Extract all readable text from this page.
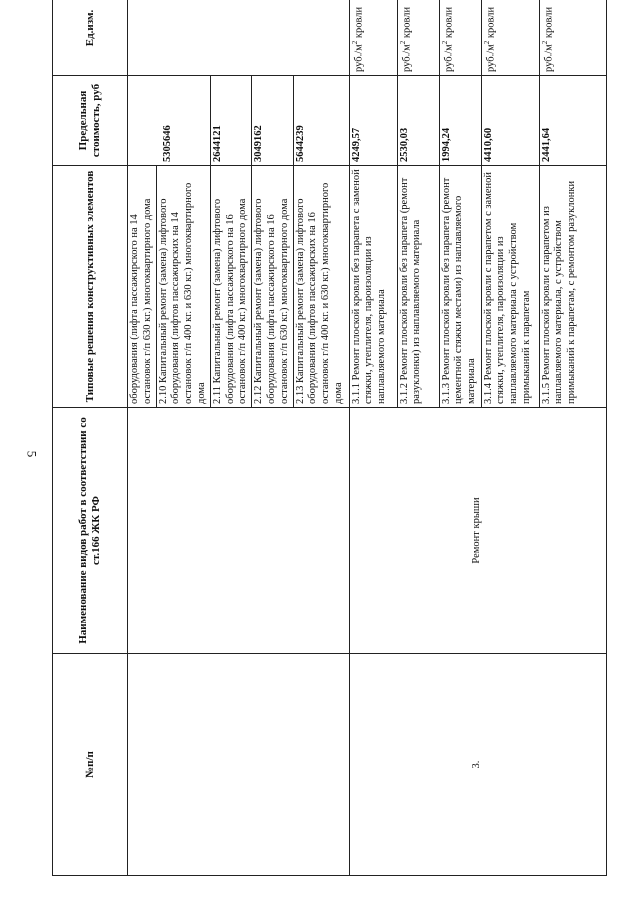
5
№п/п	Наименование видов работ в соответствии со ст.166 ЖК РФ	Типовые решения конструктивных элементов	Предельная стоимость, руб	Ед.изм.
		оборудования (лифта пассажирского на 14 остановок г/п 630 кг.) многоквартирного дома	5305646	
		2.10 Капитальный ремонт (замена) лифтового оборудования (лифтов пассажирских на 14 остановок г/п 400 кг. и 630 кг.) многоквартирного дома		
		2.11 Капитальный ремонт (замена) лифтового оборудования (лифта пассажирского на 16 остановок г/п 400 кг.) многоквартирного дома	2644121	
		2.12 Капитальный ремонт (замена) лифтового оборудования (лифта пассажирского на 16 остановок г/п 630 кг.) многоквартирного дома	3049162	
		2.13 Капитальный ремонт (замена) лифтового оборудования (лифтов пассажирских на 16 остановок г/п 400 кг. и 630 кг.) многоквартирного дома	5644239	
3.	Ремонт крыши	3.1.1 Ремонт плоской кровли без парапета с заменой стяжки, утеплителя, пароизоляции из наплавляемого материала	4249,57	$руб./м^2$ кровли
		3.1.2 Ремонт плоской кровли без парапета (ремонт разуклонки) из наплавляемого материала	2530,03	$руб./м^2$ кровли
		3.1.3 Ремонт плоской кровли без парапета (ремонт цементной стяжки местами) из наплавляемого материала	1994,24	$руб./м^2$ кровли
		3.1.4 Ремонт плоской кровли с парапетом с заменой стяжки, утеплителя, пароизоляции из наплавляемого материала с устройством примыканий к парапетам	4410,60	$руб./м^2$ кровли
		3.1.5 Ремонт плоской кровли с парапетом из наплавляемого материала, с устройством примыканий к парапетам, с ремонтом разуклонки	2441,64	$руб./м^2$ кровли
